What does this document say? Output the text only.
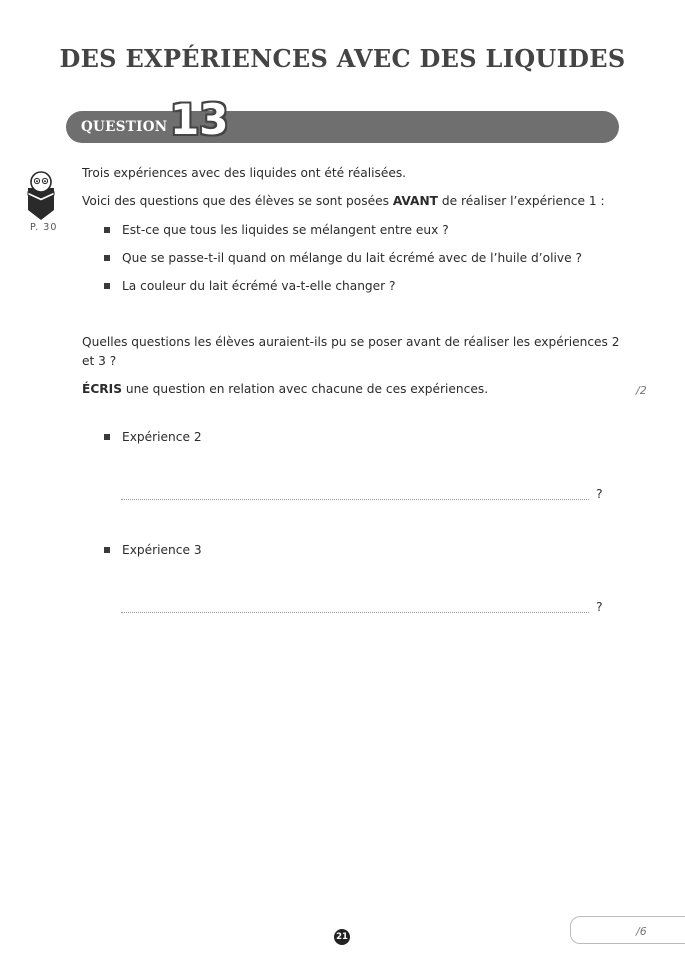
DES EXPÉRIENCES AVEC DES LIQUIDES
QUESTION 13
P. 30
Trois expériences avec des liquides ont été réalisées.
Voici des questions que des élèves se sont posées AVANT de réaliser l’expérience 1 :
Est-ce que tous les liquides se mélangent entre eux ?
Que se passe-t-il quand on mélange du lait écrémé avec de l’huile d’olive ?
La couleur du lait écrémé va-t-elle changer ?
Quelles questions les élèves auraient-ils pu se poser avant de réaliser les expériences 2
et 3 ?
ÉCRIS une question en relation avec chacune de ces expériences.	/2
Expérience 2
?
Expérience 3
?
21	/6
